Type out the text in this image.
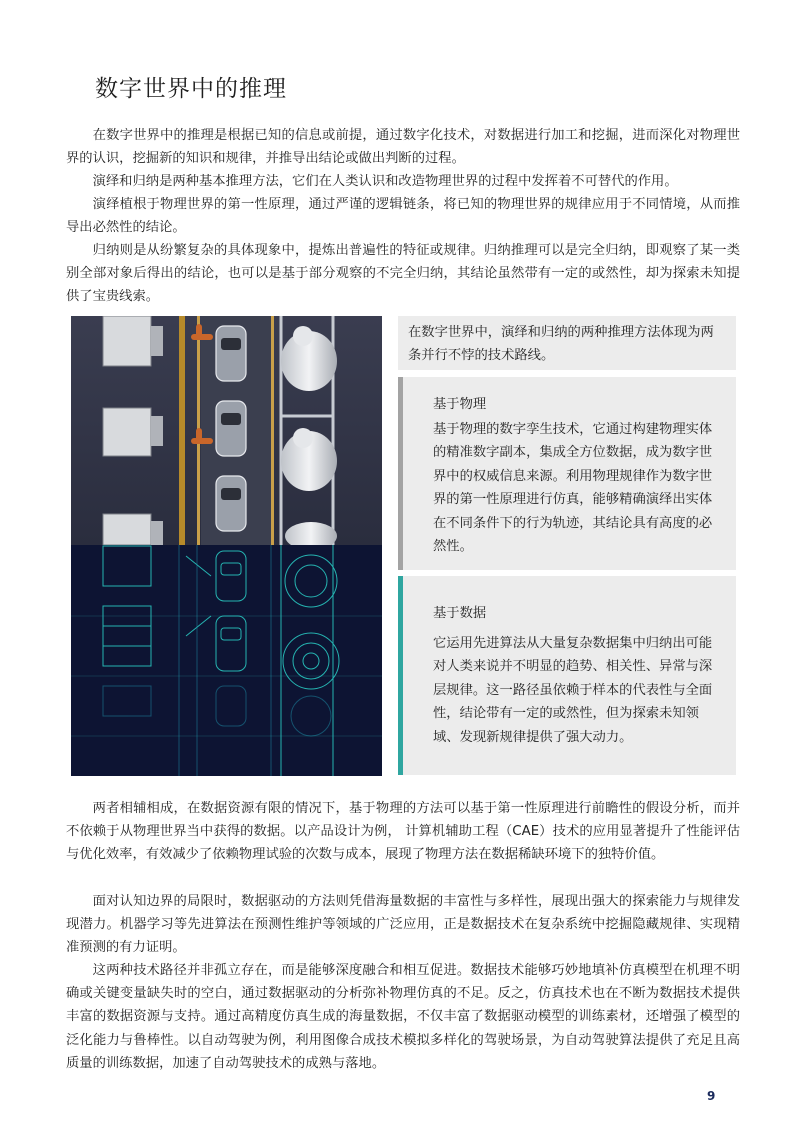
数字世界中的推理

在数字世界中的推理是根据已知的信息或前提，通过数字化技术，对数据进行加工和挖掘，进而深化对物理世界的认识，挖掘新的知识和规律，并推导出结论或做出判断的过程。

演绎和归纳是两种基本推理方法，它们在人类认识和改造物理世界的过程中发挥着不可替代的作用。

演绎植根于物理世界的第一性原理，通过严谨的逻辑链条，将已知的物理世界的规律应用于不同情境，从而推导出必然性的结论。

归纳则是从纷繁复杂的具体现象中，提炼出普遍性的特征或规律。归纳推理可以是完全归纳，即观察了某一类别全部对象后得出的结论，也可以是基于部分观察的不完全归纳，其结论虽然带有一定的或然性，却为探索未知提供了宝贵线索。

在数字世界中，演绎和归纳的两种推理方法体现为两条并行不悖的技术路线。
基于物理
基于物理的数字孪生技术，它通过构建物理实体的精准数字副本，集成全方位数据，成为数字世界中的权威信息来源。利用物理规律作为数字世界的第一性原理进行仿真，能够精确演绎出实体在不同条件下的行为轨迹，其结论具有高度的必然性。
基于数据
它运用先进算法从大量复杂数据集中归纳出可能对人类来说并不明显的趋势、相关性、异常与深层规律。这一路径虽依赖于样本的代表性与全面性，结论带有一定的或然性，但为探索未知领域、发现新规律提供了强大动力。

两者相辅相成，在数据资源有限的情况下，基于物理的方法可以基于第一性原理进行前瞻性的假设分析，而并不依赖于从物理世界当中获得的数据。以产品设计为例， 计算机辅助工程（CAE）技术的应用显著提升了性能评估与优化效率，有效减少了依赖物理试验的次数与成本，展现了物理方法在数据稀缺环境下的独特价值。

面对认知边界的局限时，数据驱动的方法则凭借海量数据的丰富性与多样性，展现出强大的探索能力与规律发现潜力。机器学习等先进算法在预测性维护等领域的广泛应用，正是数据技术在复杂系统中挖掘隐藏规律、实现精准预测的有力证明。

这两种技术路径并非孤立存在，而是能够深度融合和相互促进。数据技术能够巧妙地填补仿真模型在机理不明确或关键变量缺失时的空白，通过数据驱动的分析弥补物理仿真的不足。反之，仿真技术也在不断为数据技术提供丰富的数据资源与支持。通过高精度仿真生成的海量数据，不仅丰富了数据驱动模型的训练素材，还增强了模型的泛化能力与鲁棒性。以自动驾驶为例，利用图像合成技术模拟多样化的驾驶场景，为自动驾驶算法提供了充足且高质量的训练数据，加速了自动驾驶技术的成熟与落地。

9
